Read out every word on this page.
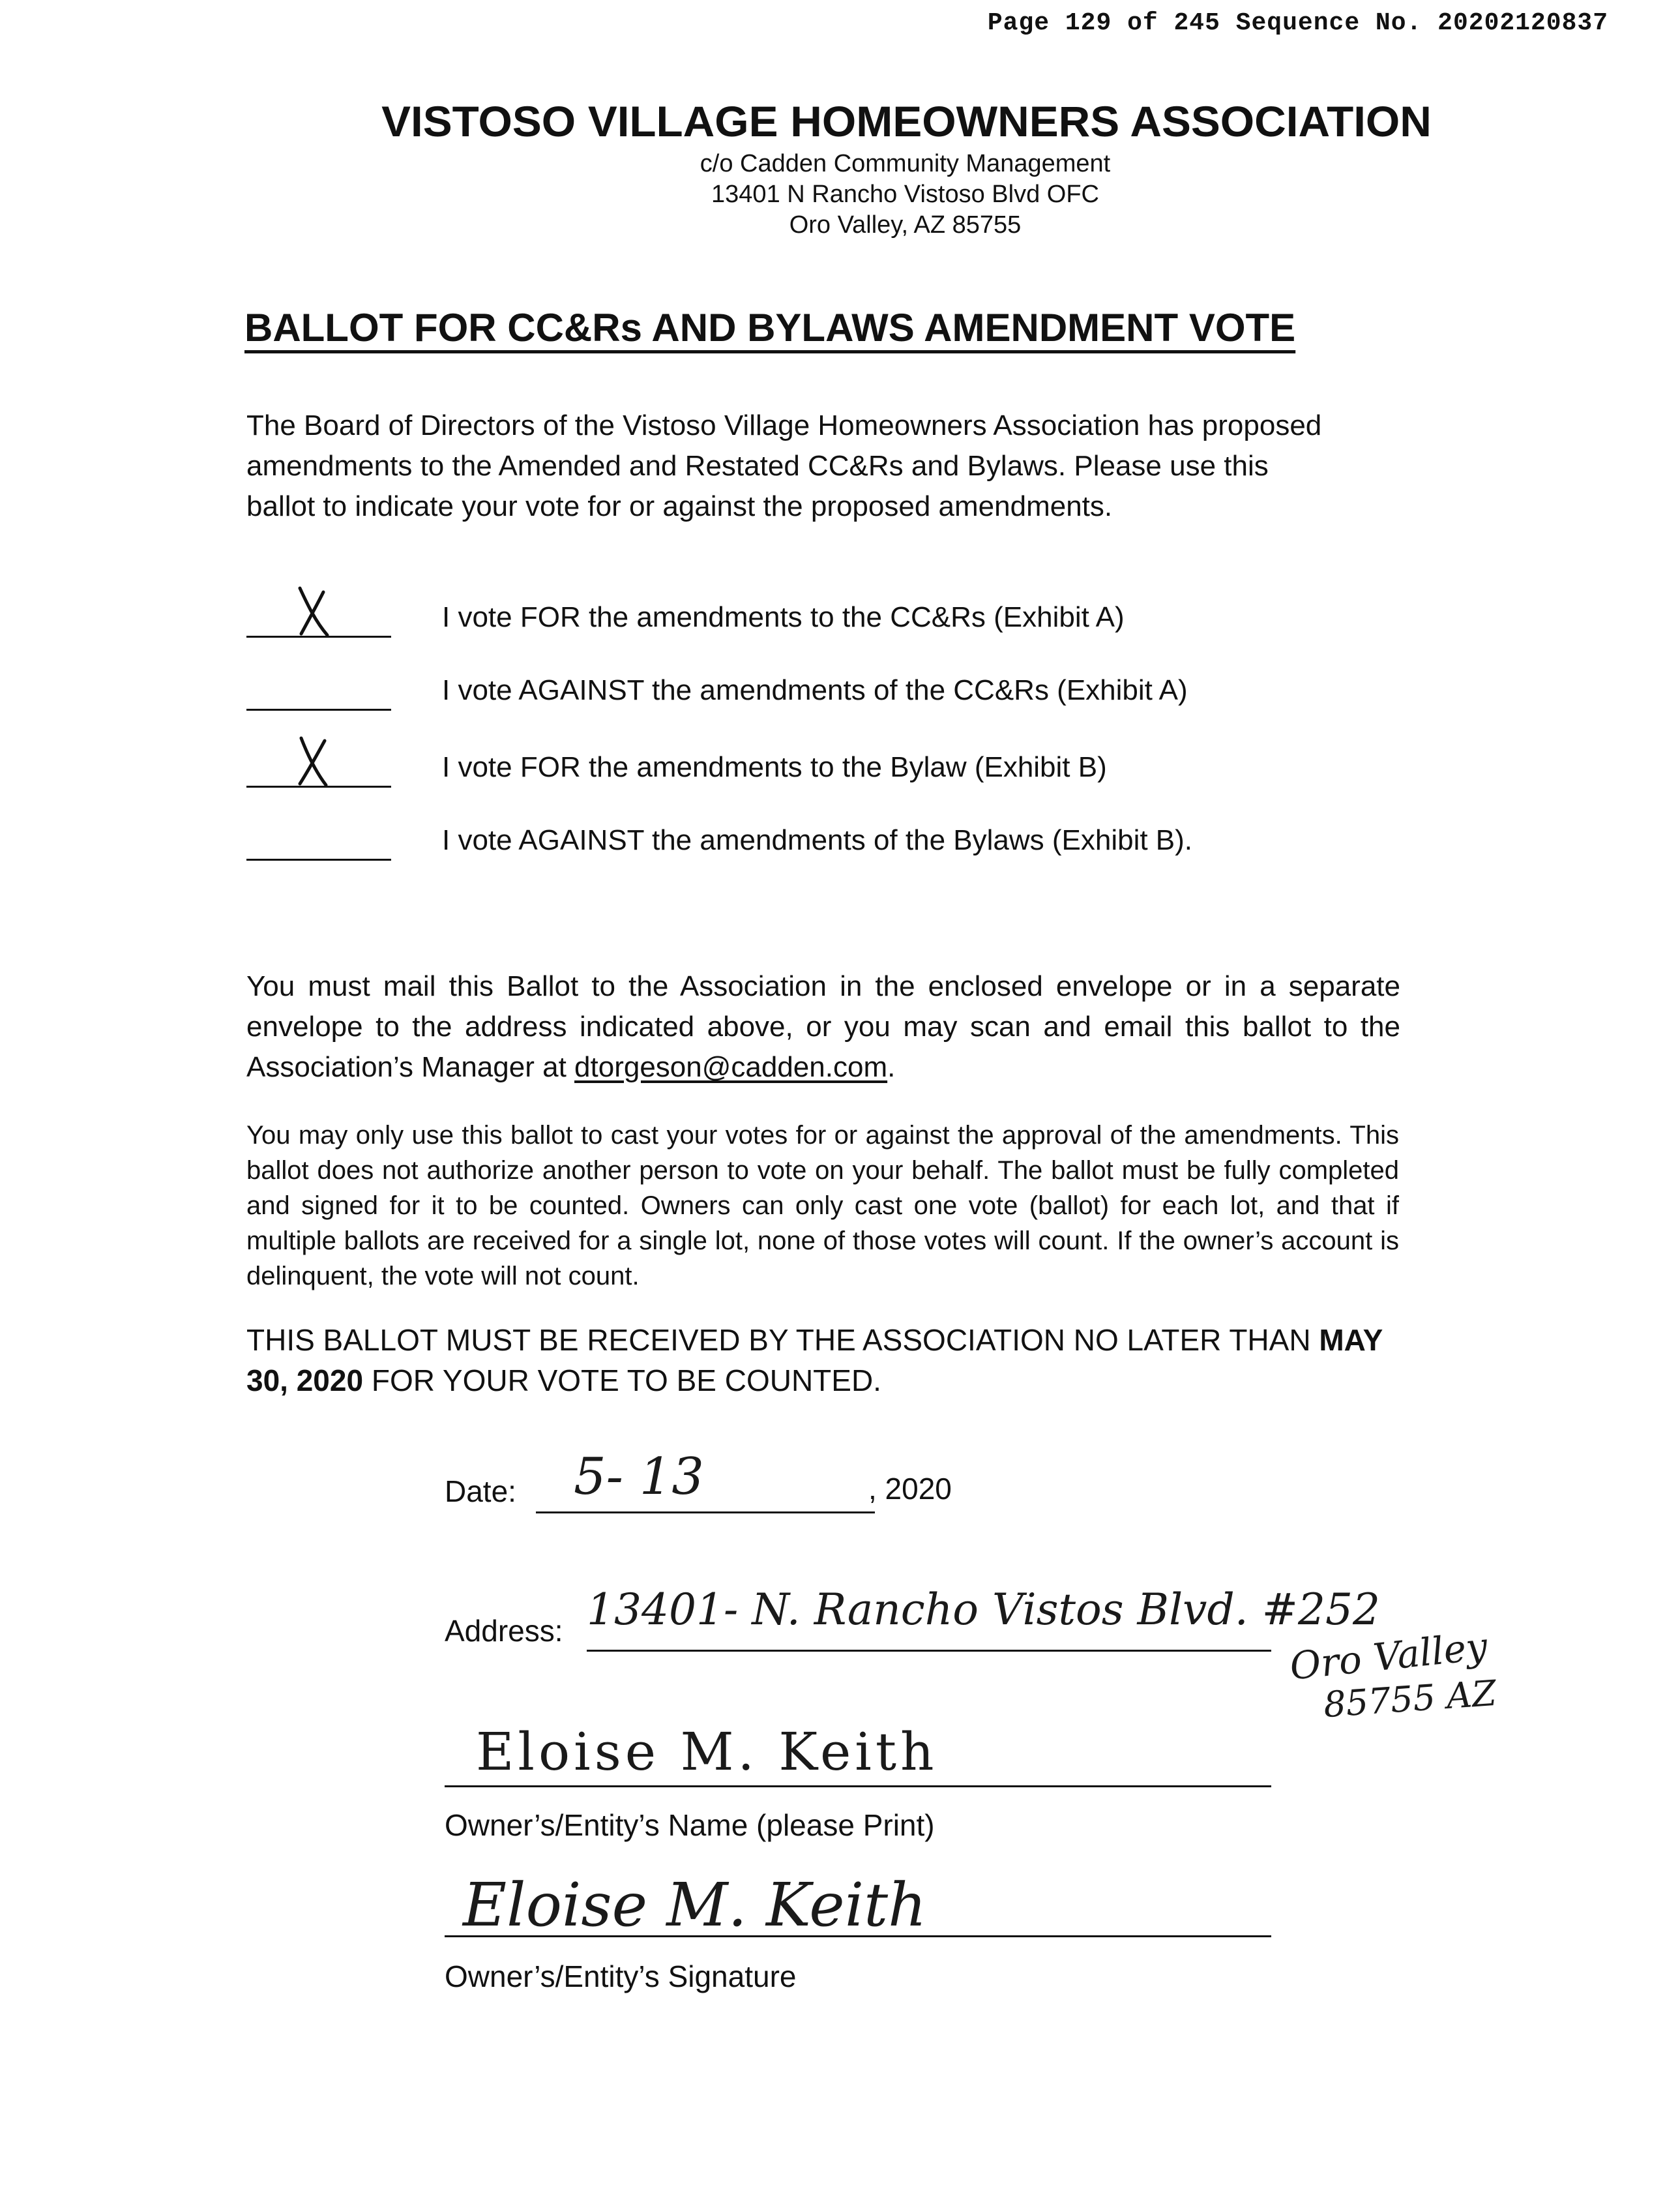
Page 129 of 245 Sequence No. 20202120837
VISTOSO VILLAGE HOMEOWNERS ASSOCIATION
c/o Cadden Community Management
13401 N Rancho Vistoso Blvd OFC
Oro Valley, AZ 85755
BALLOT FOR CC&Rs AND BYLAWS AMENDMENT VOTE

The Board of Directors of the Vistoso Village Homeowners Association has proposed amendments to the Amended and Restated CC&Rs and Bylaws. Please use this ballot to indicate your vote for or against the proposed amendments.

I vote FOR the amendments to the CC&Rs (Exhibit A)
I vote AGAINST the amendments of the CC&Rs (Exhibit A)
I vote FOR the amendments to the Bylaw (Exhibit B)
I vote AGAINST the amendments of the Bylaws (Exhibit B).

You must mail this Ballot to the Association in the enclosed envelope or in a separate envelope to the address indicated above, or you may scan and email this ballot to the Association’s Manager at dtorgeson@cadden.com.

You may only use this ballot to cast your votes for or against the approval of the amendments. This ballot does not authorize another person to vote on your behalf. The ballot must be fully completed and signed for it to be counted. Owners can only cast one vote (ballot) for each lot, and that if multiple ballots are received for a single lot, none of those votes will count. If the owner’s account is delinquent, the vote will not count.

THIS BALLOT MUST BE RECEIVED BY THE ASSOCIATION NO LATER THAN MAY 30, 2020 FOR YOUR VOTE TO BE COUNTED.

Date: 5- 13	, 2020
Address: 13401- N. Rancho Vistos Blvd. #252
Oro Valley
85755 AZ
Eloise M. Keith
Owner’s/Entity’s Name (please Print)
Eloise M. Keith
Owner’s/Entity’s Signature
